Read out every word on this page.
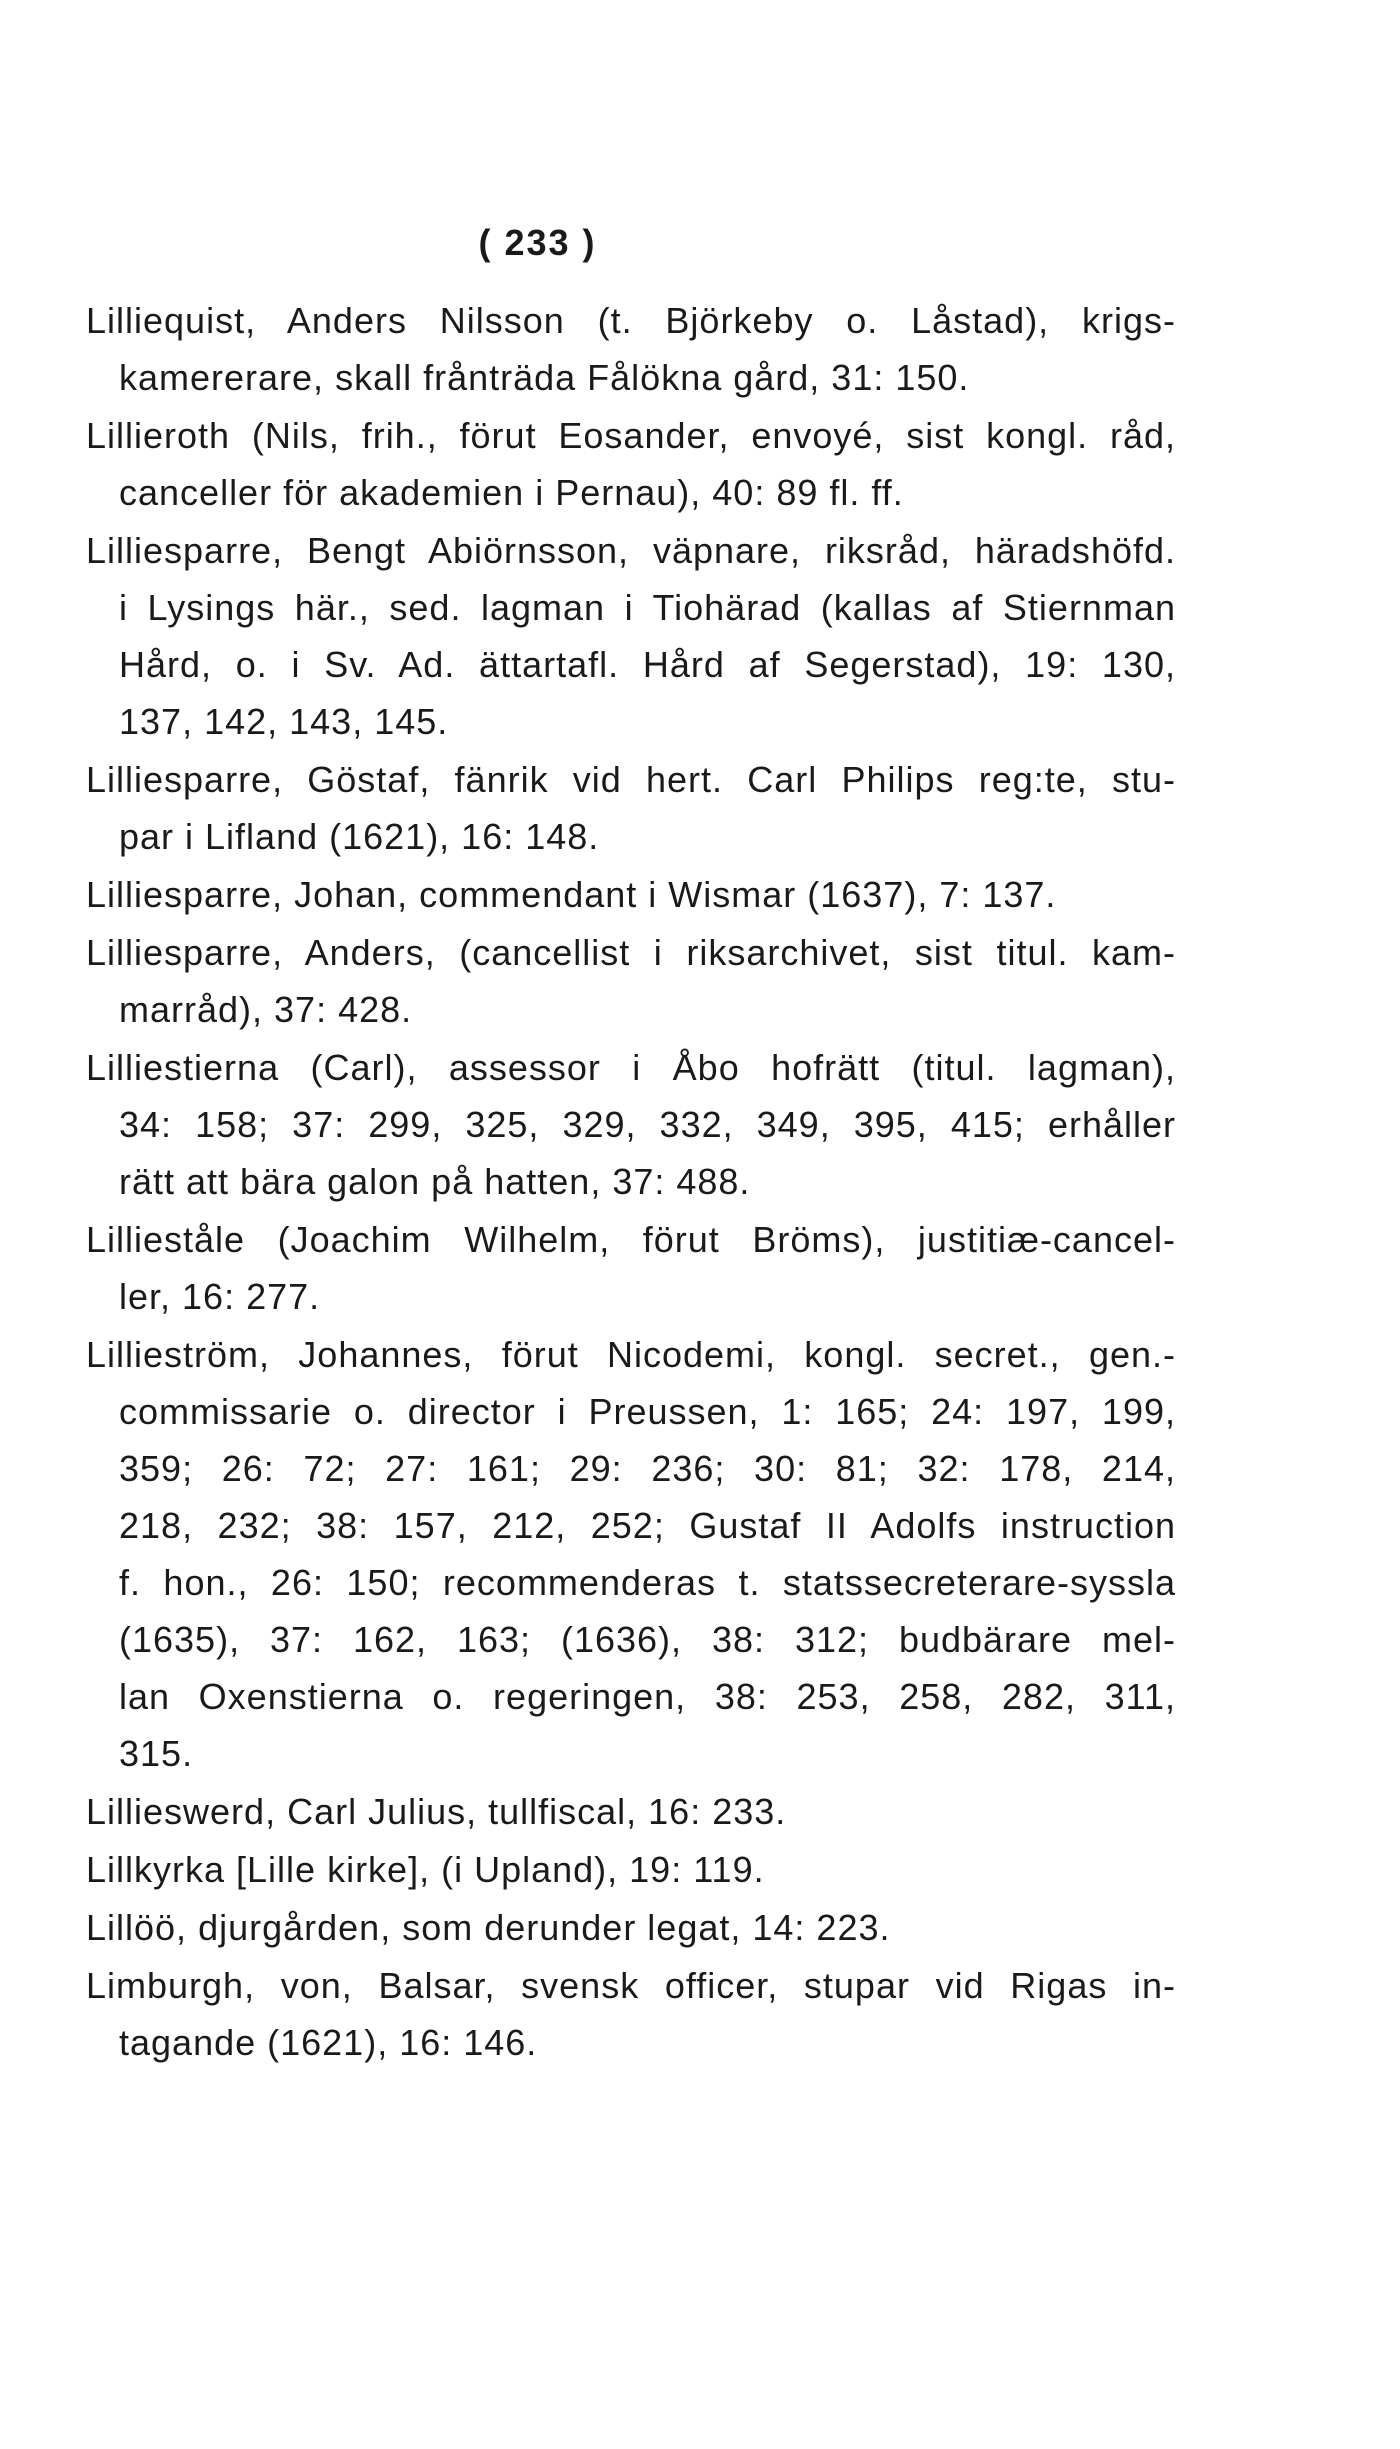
( 233 )
Lilliequist, Anders Nilsson (t. Björkeby o. Låstad), krigs-
kamererare, skall frånträda Fålökna gård, 31: 150.
Lillieroth (Nils, frih., förut Eosander, envoyé, sist kongl. råd,
canceller för akademien i Pernau), 40: 89 fl. ff.
Lilliesparre, Bengt Abiörnsson, väpnare, riksråd, häradshöfd.
i Lysings här., sed. lagman i Tiohärad (kallas af Stiernman
Hård, o. i Sv. Ad. ättartafl. Hård af Segerstad), 19: 130,
137, 142, 143, 145.
Lilliesparre, Göstaf, fänrik vid hert. Carl Philips reg:te, stu-
par i Lifland (1621), 16: 148.
Lilliesparre, Johan, commendant i Wismar (1637), 7: 137.
Lilliesparre, Anders, (cancellist i riksarchivet, sist titul. kam-
marråd), 37: 428.
Lilliestierna (Carl), assessor i Åbo hofrätt (titul. lagman),
34: 158; 37: 299, 325, 329, 332, 349, 395, 415; erhåller
rätt att bära galon på hatten, 37: 488.
Lillieståle (Joachim Wilhelm, förut Bröms), justitiæ-cancel-
ler, 16: 277.
Lillieström, Johannes, förut Nicodemi, kongl. secret., gen.-
commissarie o. director i Preussen, 1: 165; 24: 197, 199,
359; 26: 72; 27: 161; 29: 236; 30: 81; 32: 178, 214,
218, 232; 38: 157, 212, 252; Gustaf II Adolfs instruction
f. hon., 26: 150; recommenderas t. statssecreterare-syssla
(1635), 37: 162, 163; (1636), 38: 312; budbärare mel-
lan Oxenstierna o. regeringen, 38: 253, 258, 282, 311,
315.
Lillieswerd, Carl Julius, tullfiscal, 16: 233.
Lillkyrka [Lille kirke], (i Upland), 19: 119.
Lillöö, djurgården, som derunder legat, 14: 223.
Limburgh, von, Balsar, svensk officer, stupar vid Rigas in-
tagande (1621), 16: 146.
